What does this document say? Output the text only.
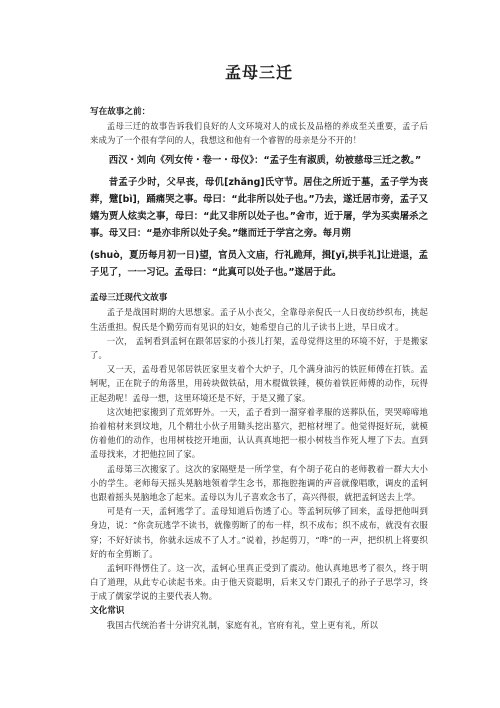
孟母三迁
写在故事之前：
孟母三迁的故事告诉我们良好的人文环境对人的成长及品格的养成至关重要，孟子后来成为了一个很有学问的人，我想这和他有一个睿智的母亲是分不开的！
西汉・刘向《列女传・卷一・母仪》：“孟子生有淑质，幼被慈母三迁之教。”
昔孟子少时，父早丧，母仉[zhǎng]氏守节。居住之所近于墓，孟子学为丧葬，躄[bì]，踊痛哭之事。母曰：“此非所以处子也。”乃去，遂迁居市旁，孟子又嬉为贾人炫卖之事，母曰：“此又非所以处子也。”舍市，近于屠，学为买卖屠杀之事。母又曰：“是亦非所以处子矣。”继而迁于学宫之旁。每月朔
(shuò，夏历每月初一日)望，官员入文庙，行礼跪拜，揖[yī,拱手礼]让进退，孟子见了，一一习记。孟母曰：“此真可以处子也。”遂居于此。
孟母三迁现代文故事
孟子是战国时期的大思想家。孟子从小丧父，全靠母亲倪氏一人日夜纺纱织布，挑起生活重担。倪氏是个勤劳而有见识的妇女，她希望自己的儿子读书上进，早日成才。
一次， 孟轲看到孟轲在跟邻居家的小孩儿打架，孟母觉得这里的环境不好，于是搬家了。
又一天，孟母看见邻居铁匠家里支着个大炉子，几个满身油污的铁匠师傅在打铁。孟轲呢，正在院子的角落里，用砖块做铁砧，用木棍做铁锤，模仿着铁匠师傅的动作，玩得正起劲呢！孟母一想，这里环境还是不好，于是又搬了家。
这次她把家搬到了荒郊野外。一天，孟子看到一溜穿着孝服的送葬队伍，哭哭啼啼地抬着棺材来到坟地，几个精壮小伙子用锄头挖出墓穴，把棺材埋了。他觉得挺好玩，就模仿着他们的动作，也用树枝挖开地面，认认真真地把一根小树枝当作死人埋了下去。直到孟母找来，才把他拉回了家。
孟母第三次搬家了。这次的家隔壁是一所学堂，有个胡子花白的老师教着一群大大小小的学生。老师每天摇头晃脑地领着学生念书，那拖腔拖调的声音就像唱歌，调皮的孟轲也跟着摇头晃脑地念了起来。孟母以为儿子喜欢念书了，高兴得很，就把孟轲送去上学。
可是有一天，孟轲逃学了。孟母知道后伤透了心。等孟轲玩够了回来，孟母把他叫到身边，说：“你贪玩逃学不读书，就像剪断了的布一样，织不成布；织不成布，就没有衣服穿；不好好读书，你就永远成不了人才。”说着，抄起剪刀，“哗”的一声，把织机上将要织好的布全剪断了。
孟轲吓得愣住了。这一次，孟轲心里真正受到了震动。他认真地思考了很久，终于明白了道理，从此专心读起书来。由于他天资聪明，后来又专门跟孔子的孙子子思学习，终于成了儒家学说的主要代表人物。
文化常识
我国古代统治者十分讲究礼制，家庭有礼，官府有礼，堂上更有礼，所以
